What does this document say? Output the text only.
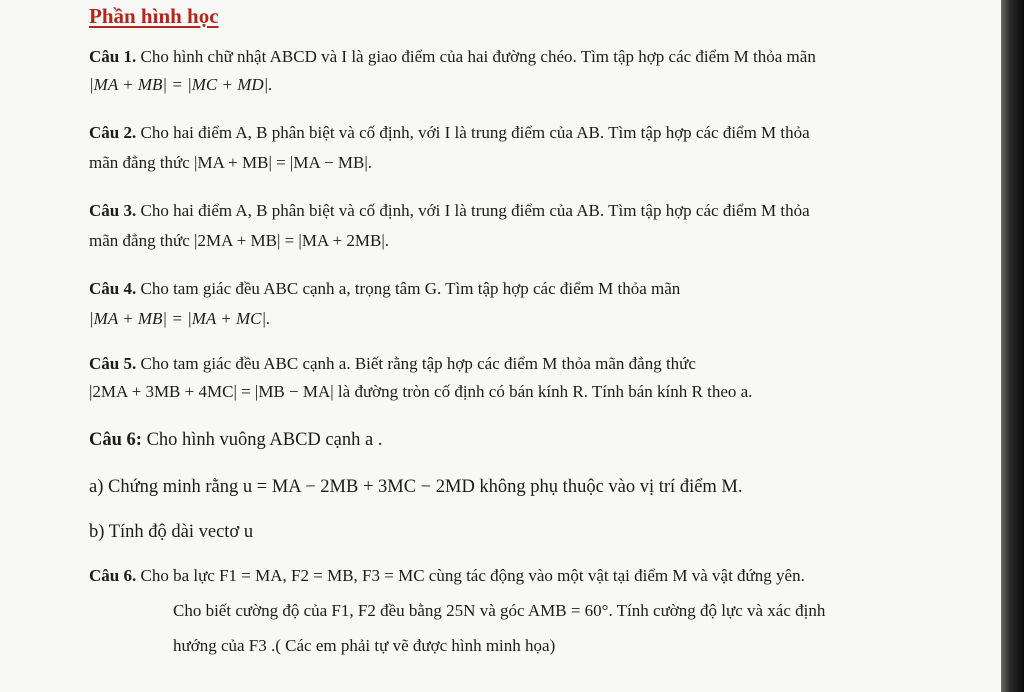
Phần hình học
Câu 1. Cho hình chữ nhật ABCD và I là giao điểm của hai đường chéo. Tìm tập hợp các điểm M thỏa mãn
|MA + MB| = |MC + MD|.
Câu 2. Cho hai điểm A, B phân biệt và cố định, với I là trung điểm của AB. Tìm tập hợp các điểm M thỏa
mãn đẳng thức |MA + MB| = |MA − MB|.
Câu 3. Cho hai điểm A, B phân biệt và cố định, với I là trung điểm của AB. Tìm tập hợp các điểm M thỏa
mãn đẳng thức |2MA + MB| = |MA + 2MB|.
Câu 4. Cho tam giác đều ABC cạnh a, trọng tâm G. Tìm tập hợp các điểm M thỏa mãn
|MA + MB| = |MA + MC|.
Câu 5. Cho tam giác đều ABC cạnh a. Biết rằng tập hợp các điểm M thỏa mãn đẳng thức
|2MA + 3MB + 4MC| = |MB − MA| là đường tròn cố định có bán kính R. Tính bán kính R theo a.
Câu 6: Cho hình vuông ABCD cạnh a .
a) Chứng minh rằng u = MA − 2MB + 3MC − 2MD không phụ thuộc vào vị trí điểm M.
b) Tính độ dài vectơ u
Câu 6. Cho ba lực F1 = MA, F2 = MB, F3 = MC cùng tác động vào một vật tại điểm M và vật đứng yên.
Cho biết cường độ của F1, F2 đều bằng 25N và góc AMB = 60°. Tính cường độ lực và xác định
hướng của F3 .( Các em phải tự vẽ được hình minh họa)
